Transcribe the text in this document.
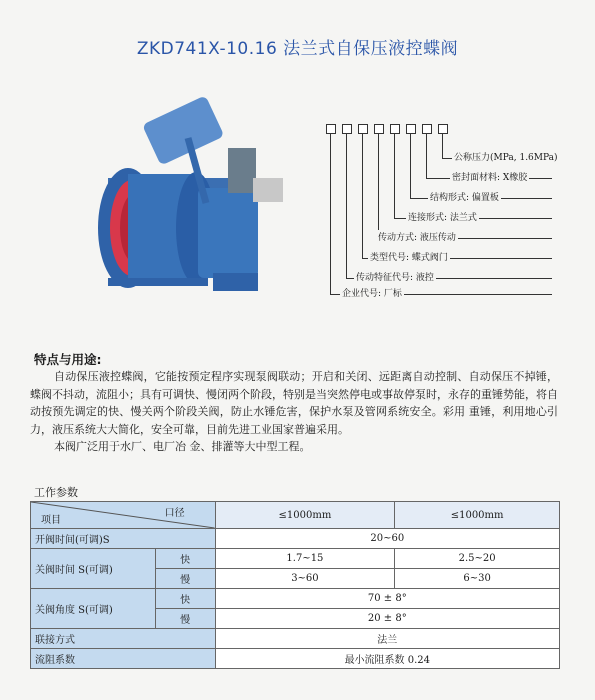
ZKD741X-10.16 法兰式自保压液控蝶阀
公称压力(MPa, 1.6MPa)
密封面材料: X橡胶
结构形式: 偏置板
连接形式: 法兰式
传动方式: 液压传动
类型代号: 蝶式阀门
传动特征代号: 液控
企业代号: 厂标
特点与用途:

自动保压液控蝶阀，它能按预定程序实现泵阀联动；开启和关闭、远距离自动控制、自动保压不掉锤，蝶阀不抖动，流阻小；具有可调快、慢闭两个阶段，特别是当突然停电或事故停泵时，永存的重锤势能，将自动按预先调定的快、慢关两个阶段关阀，防止水锤危害，保护水泵及管网系统安全。彩用 重锤，利用地心引力，液压系统大大简化，安全可靠，目前先进工业国家普遍采用。

本阀广泛用于水厂、电厂冶 金、排灌等大中型工程。

工作参数
口径
项目		≤1000mm	≤1000mm
开阀时间(可调)S		20~60	
关阀时间 S(可调)	快	1.7~15	2.5~20
	慢	3~60	6~30
关阀角度 S(可调)	快	70 ± 8°	
	慢	20 ± 8°	
联接方式		法兰	
流阻系数		最小流阻系数 0.24	
